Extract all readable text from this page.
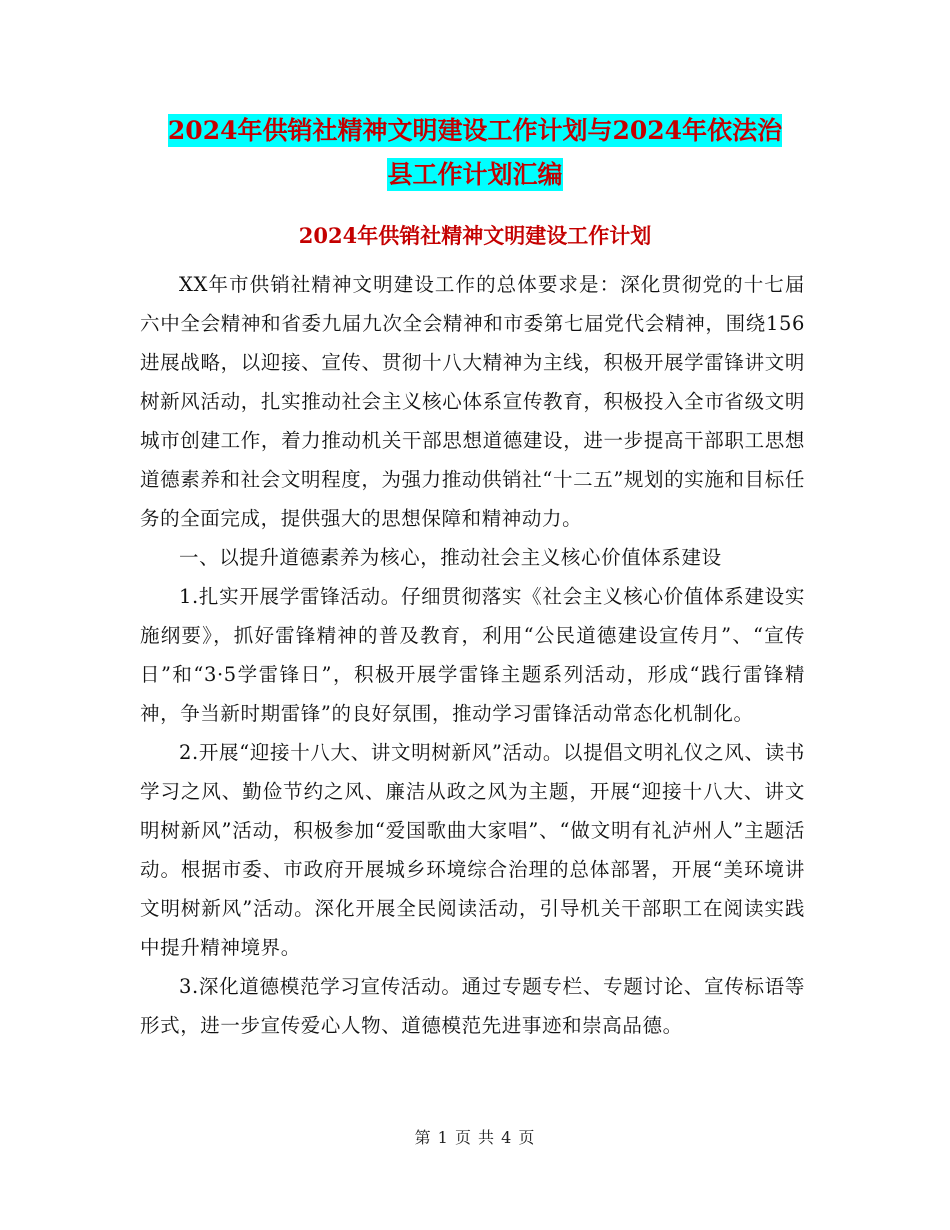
2024年供销社精神文明建设工作计划与2024年依法治
县工作计划汇编
2024年供销社精神文明建设工作计划

XX年市供销社精神文明建设工作的总体要求是：深化贯彻党的十七届六中全会精神和省委九届九次全会精神和市委第七届党代会精神，围绕156进展战略，以迎接、宣传、贯彻十八大精神为主线，积极开展学雷锋讲文明树新风活动，扎实推动社会主义核心体系宣传教育，积极投入全市省级文明城市创建工作，着力推动机关干部思想道德建设，进一步提高干部职工思想道德素养和社会文明程度，为强力推动供销社“十二五”规划的实施和目标任务的全面完成，提供强大的思想保障和精神动力。

一、以提升道德素养为核心，推动社会主义核心价值体系建设

1.扎实开展学雷锋活动。仔细贯彻落实《社会主义核心价值体系建设实施纲要》，抓好雷锋精神的普及教育，利用“公民道德建设宣传月”、“宣传日”和“3·5学雷锋日”，积极开展学雷锋主题系列活动，形成“践行雷锋精神，争当新时期雷锋”的良好氛围，推动学习雷锋活动常态化机制化。

2.开展“迎接十八大、讲文明树新风”活动。以提倡文明礼仪之风、读书学习之风、勤俭节约之风、廉洁从政之风为主题，开展“迎接十八大、讲文明树新风”活动，积极参加“爱国歌曲大家唱”、“做文明有礼泸州人”主题活动。根据市委、市政府开展城乡环境综合治理的总体部署，开展“美环境讲文明树新风”活动。深化开展全民阅读活动，引导机关干部职工在阅读实践中提升精神境界。

3.深化道德模范学习宣传活动。通过专题专栏、专题讨论、宣传标语等形式，进一步宣传爱心人物、道德模范先进事迹和崇高品德。

第 1 页 共 4 页
